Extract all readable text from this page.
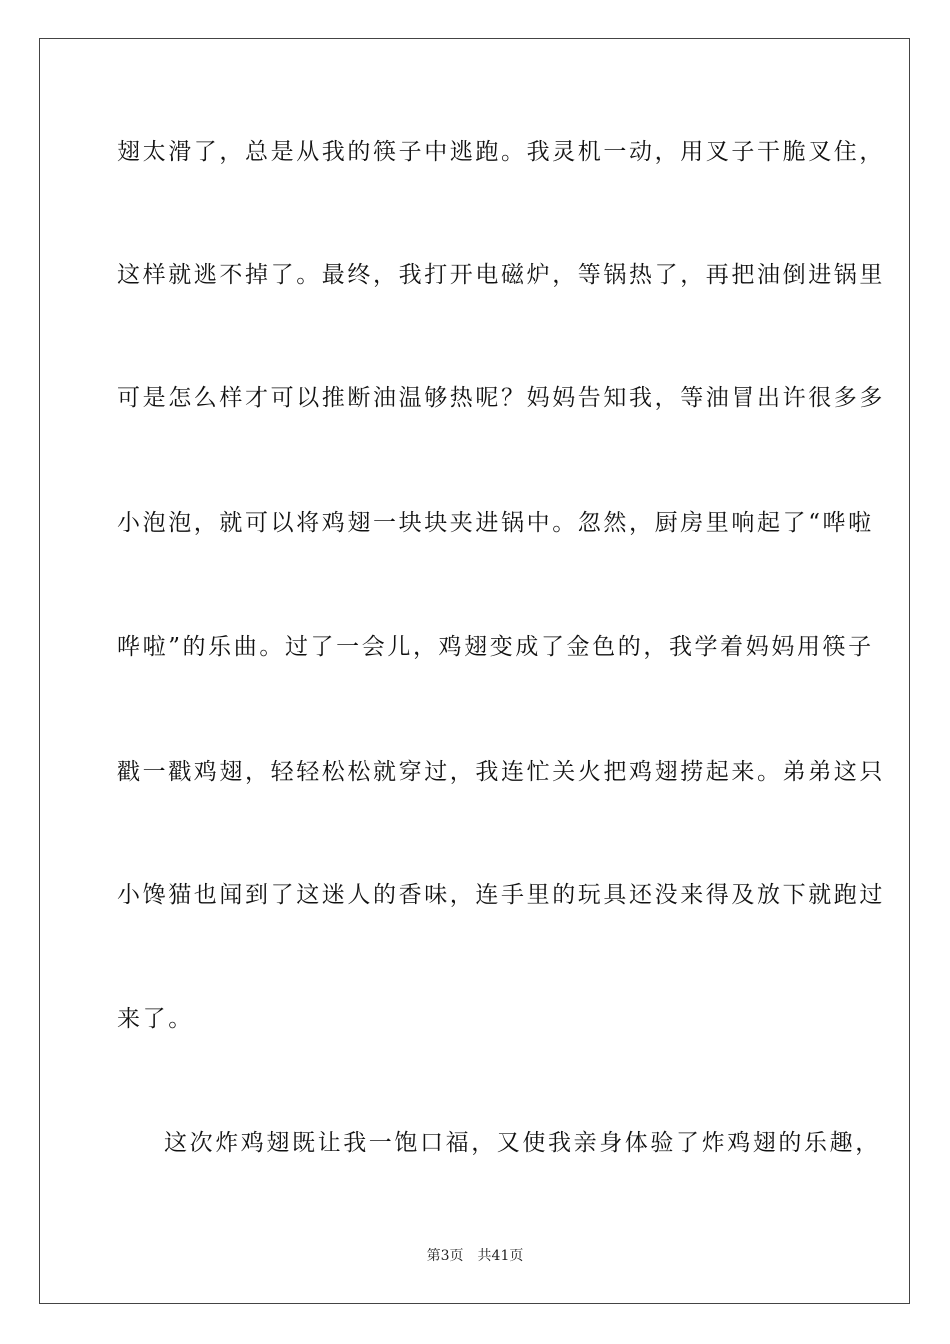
翅太滑了，总是从我的筷子中逃跑。我灵机一动，用叉子干脆叉住，
这样就逃不掉了。最终，我打开电磁炉，等锅热了，再把油倒进锅里
可是怎么样才可以推断油温够热呢？妈妈告知我，等油冒出许很多多
小泡泡，就可以将鸡翅一块块夹进锅中。忽然，厨房里响起了“哗啦
哗啦”的乐曲。过了一会儿，鸡翅变成了金色的，我学着妈妈用筷子
戳一戳鸡翅，轻轻松松就穿过，我连忙关火把鸡翅捞起来。弟弟这只
小馋猫也闻到了这迷人的香味，连手里的玩具还没来得及放下就跑过
来了。
这次炸鸡翅既让我一饱口福，又使我亲身体验了炸鸡翅的乐趣，
第3页　共41页
